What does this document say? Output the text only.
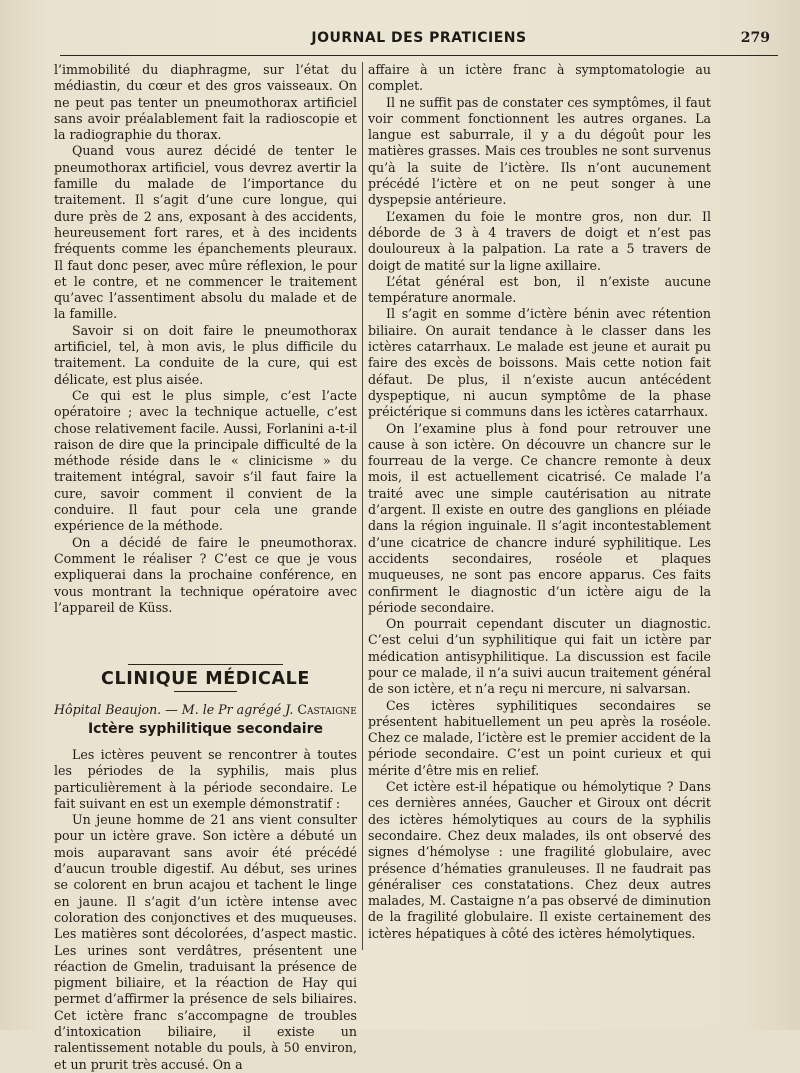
JOURNAL DES PRATICIENS	279

l’immobilité du diaphragme, sur l’état du médiastin, du cœur et des gros vaisseaux. On ne peut pas tenter un pneumothorax artificiel sans avoir préalablement fait la radioscopie et la radiographie du thorax.

Quand vous aurez décidé de tenter le pneumothorax artificiel, vous devrez avertir la famille du malade de l’importance du traitement. Il s’agit d’une cure longue, qui dure près de 2 ans, exposant à des accidents, heureusement fort rares, et à des incidents fréquents comme les épanchements pleuraux. Il faut donc peser, avec mûre réflexion, le pour et le contre, et ne commencer le traitement qu’avec l’assentiment absolu du malade et de la famille.

Savoir si on doit faire le pneumothorax artificiel, tel, à mon avis, le plus difficile du traitement. La conduite de la cure, qui est délicate, est plus aisée.

Ce qui est le plus simple, c’est l’acte opératoire ; avec la technique actuelle, c’est chose relativement facile. Aussi, Forlanini a-t-il raison de dire que la principale difficulté de la méthode réside dans le « clinicisme » du traitement intégral, savoir s’il faut faire la cure, savoir comment il convient de la conduire. Il faut pour cela une grande expérience de la méthode.

On a décidé de faire le pneumothorax. Comment le réaliser ? C’est ce que je vous expliquerai dans la prochaine conférence, en vous montrant la technique opératoire avec l’appareil de Küss.

CLINIQUE MÉDICALE

Hôpital Beaujon. — M. le Pr agrégé J. Castaigne

Ictère syphilitique secondaire

Les ictères peuvent se rencontrer à toutes les périodes de la syphilis, mais plus particulièrement à la période secondaire. Le fait suivant en est un exemple démonstratif :

Un jeune homme de 21 ans vient consulter pour un ictère grave. Son ictère a débuté un mois auparavant sans avoir été précédé d’aucun trouble digestif. Au début, ses urines se colorent en brun acajou et tachent le linge en jaune. Il s’agit d’un ictère intense avec coloration des conjonctives et des muqueuses. Les matières sont décolorées, d’aspect mastic. Les urines sont verdâtres, présentent une réaction de Gmelin, traduisant la présence de pigment biliaire, et la réaction de Hay qui permet d’affirmer la présence de sels biliaires. Cet ictère franc s’accompagne de troubles d’intoxication biliaire, il existe un ralentissement notable du pouls, à 50 environ, et un prurit très accusé. On a

affaire à un ictère franc à symptomatologie au complet.

Il ne suffit pas de constater ces symptômes, il faut voir comment fonctionnent les autres organes. La langue est saburrale, il y a du dégoût pour les matières grasses. Mais ces troubles ne sont survenus qu’à la suite de l’ictère. Ils n’ont aucunement précédé l’ictère et on ne peut songer à une dyspepsie antérieure.

L’examen du foie le montre gros, non dur. Il déborde de 3 à 4 travers de doigt et n’est pas douloureux à la palpation. La rate a 5 travers de doigt de matité sur la ligne axillaire.

L’état général est bon, il n’existe aucune température anormale.

Il s’agit en somme d’ictère bénin avec rétention biliaire. On aurait tendance à le classer dans les ictères catarrhaux. Le malade est jeune et aurait pu faire des excès de boissons. Mais cette notion fait défaut. De plus, il n’existe aucun antécédent dyspeptique, ni aucun symptôme de la phase préictérique si communs dans les ictères catarrhaux.

On l’examine plus à fond pour retrouver une cause à son ictère. On découvre un chancre sur le fourreau de la verge. Ce chancre remonte à deux mois, il est actuellement cicatrisé. Ce malade l’a traité avec une simple cautérisation au nitrate d’argent. Il existe en outre des ganglions en pléiade dans la région inguinale. Il s’agit incontestablement d’une cicatrice de chancre induré syphilitique. Les accidents secondaires, roséole et plaques muqueuses, ne sont pas encore apparus. Ces faits confirment le diagnostic d’un ictère aigu de la période secondaire.

On pourrait cependant discuter un diagnostic. C’est celui d’un syphilitique qui fait un ictère par médication antisyphilitique. La discussion est facile pour ce malade, il n’a suivi aucun traitement général de son ictère, et n’a reçu ni mercure, ni salvarsan.

Ces ictères syphilitiques secondaires se présentent habituellement un peu après la roséole. Chez ce malade, l’ictère est le premier accident de la période secondaire. C’est un point curieux et qui mérite d’être mis en relief.

Cet ictère est-il hépatique ou hémolytique ? Dans ces dernières années, Gaucher et Giroux ont décrit des ictères hémolytiques au cours de la syphilis secondaire. Chez deux malades, ils ont observé des signes d’hémolyse : une fragilité globulaire, avec présence d’hématies granuleuses. Il ne faudrait pas généraliser ces constatations. Chez deux autres malades, M. Castaigne n’a pas observé de diminution de la fragilité globulaire. Il existe certainement des ictères hépatiques à côté des ictères hémolytiques.
